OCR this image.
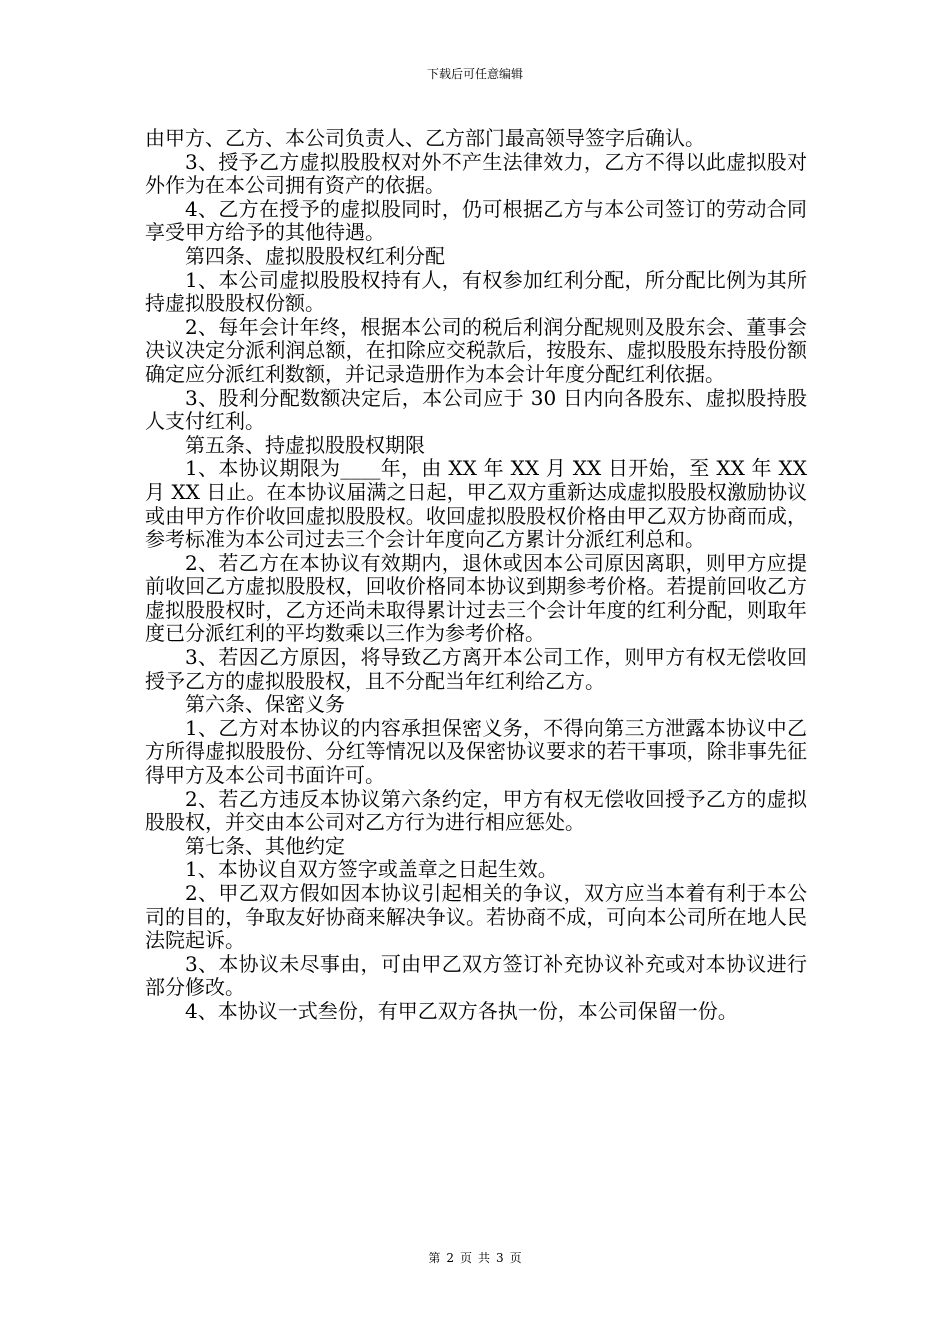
下载后可任意编辑

由甲方、乙方、本公司负责人、乙方部门最高领导签字后确认。

3、授予乙方虚拟股股权对外不产生法律效力，乙方不得以此虚拟股对外作为在本公司拥有资产的依据。

4、乙方在授予的虚拟股同时，仍可根据乙方与本公司签订的劳动合同享受甲方给予的其他待遇。

第四条、虚拟股股权红利分配

1、本公司虚拟股股权持有人，有权参加红利分配，所分配比例为其所持虚拟股股权份额。

2、每年会计年终，根据本公司的税后利润分配规则及股东会、董事会决议决定分派利润总额，在扣除应交税款后，按股东、虚拟股股东持股份额确定应分派红利数额，并记录造册作为本会计年度分配红利依据。

3、股利分配数额决定后，本公司应于 30 日内向各股东、虚拟股持股人支付红利。

第五条、持虚拟股股权期限

1、本协议期限为____年，由 XX 年 XX 月 XX 日开始，至 XX 年 XX 月 XX 日止。在本协议届满之日起，甲乙双方重新达成虚拟股股权激励协议或由甲方作价收回虚拟股股权。收回虚拟股股权价格由甲乙双方协商而成，参考标准为本公司过去三个会计年度向乙方累计分派红利总和。

2、若乙方在本协议有效期内，退休或因本公司原因离职，则甲方应提前收回乙方虚拟股股权，回收价格同本协议到期参考价格。若提前回收乙方虚拟股股权时，乙方还尚未取得累计过去三个会计年度的红利分配，则取年度已分派红利的平均数乘以三作为参考价格。

3、若因乙方原因，将导致乙方离开本公司工作，则甲方有权无偿收回授予乙方的虚拟股股权，且不分配当年红利给乙方。

第六条、保密义务

1、乙方对本协议的内容承担保密义务，不得向第三方泄露本协议中乙方所得虚拟股股份、分红等情况以及保密协议要求的若干事项，除非事先征得甲方及本公司书面许可。

2、若乙方违反本协议第六条约定，甲方有权无偿收回授予乙方的虚拟股股权，并交由本公司对乙方行为进行相应惩处。

第七条、其他约定

1、本协议自双方签字或盖章之日起生效。

2、甲乙双方假如因本协议引起相关的争议，双方应当本着有利于本公司的目的，争取友好协商来解决争议。若协商不成，可向本公司所在地人民法院起诉。

3、本协议未尽事由，可由甲乙双方签订补充协议补充或对本协议进行部分修改。

4、本协议一式叁份，有甲乙双方各执一份，本公司保留一份。

第 2 页 共 3 页
